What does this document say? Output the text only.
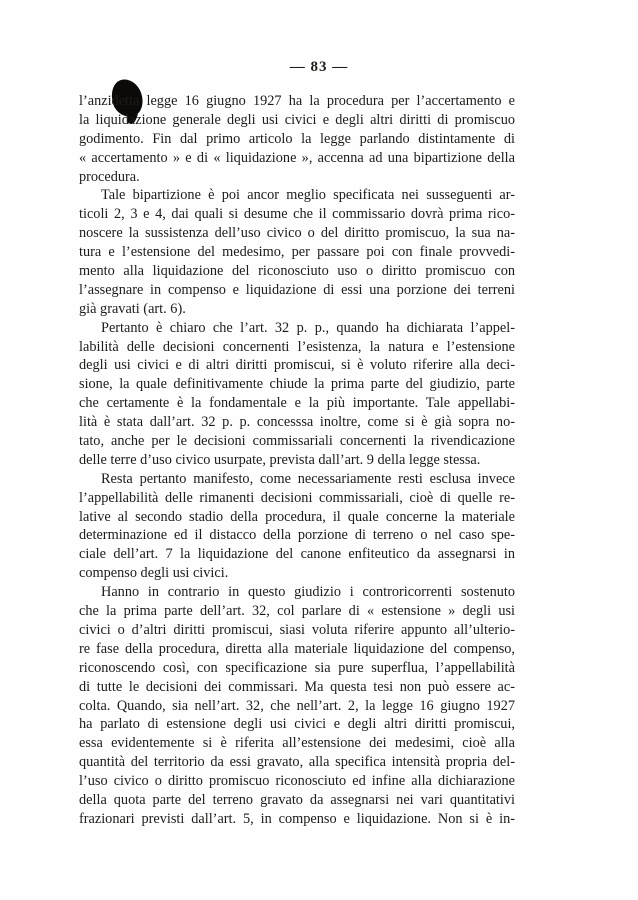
— 83 —
l’anzidetta legge 16 giugno 1927 ha la procedura per l’accertamento e
la liquidazione generale degli usi civici e degli altri diritti di promiscuo
godimento. Fin dal primo articolo la legge parlando distintamente di
« accertamento » e di « liquidazione », accenna ad una bipartizione della
procedura.
Tale bipartizione è poi ancor meglio specificata nei susseguenti ar-
ticoli 2, 3 e 4, dai quali si desume che il commissario dovrà prima rico-
noscere la sussistenza dell’uso civico o del diritto promiscuo, la sua na-
tura e l’estensione del medesimo, per passare poi con finale provvedi-
mento alla liquidazione del riconosciuto uso o diritto promiscuo con
l’assegnare in compenso e liquidazione di essi una porzione dei terreni
già gravati (art. 6).
Pertanto è chiaro che l’art. 32 p. p., quando ha dichiarata l’appel-
labilità delle decisioni concernenti l’esistenza, la natura e l’estensione
degli usi civici e di altri diritti promiscui, si è voluto riferire alla deci-
sione, la quale definitivamente chiude la prima parte del giudizio, parte
che certamente è la fondamentale e la più importante. Tale appellabi-
lità è stata dall’art. 32 p. p. concesssa inoltre, come si è già sopra no-
tato, anche per le decisioni commissariali concernenti la rivendicazione
delle terre d’uso civico usurpate, prevista dall’art. 9 della legge stessa.
Resta pertanto manifesto, come necessariamente resti esclusa invece
l’appellabilità delle rimanenti decisioni commissariali, cioè di quelle re-
lative al secondo stadio della procedura, il quale concerne la materiale
determinazione ed il distacco della porzione di terreno o nel caso spe-
ciale dell’art. 7 la liquidazione del canone enfiteutico da assegnarsi in
compenso degli usi civici.
Hanno in contrario in questo giudizio i controricorrenti sostenuto
che la prima parte dell’art. 32, col parlare di « estensione » degli usi
civici o d’altri diritti promiscui, siasi voluta riferire appunto all’ulterio-
re fase della procedura, diretta alla materiale liquidazione del compenso,
riconoscendo così, con specificazione sia pure superflua, l’appellabilità
di tutte le decisioni dei commissari. Ma questa tesi non può essere ac-
colta. Quando, sia nell’art. 32, che nell’art. 2, la legge 16 giugno 1927
ha parlato di estensione degli usi civici e degli altri diritti promiscui,
essa evidentemente si è riferita all’estensione dei medesimi, cioè alla
quantità del territorio da essi gravato, alla specifica intensità propria del-
l’uso civico o diritto promiscuo riconosciuto ed infine alla dichiarazione
della quota parte del terreno gravato da assegnarsi nei vari quantitativi
frazionari previsti dall’art. 5, in compenso e liquidazione. Non si è in-
